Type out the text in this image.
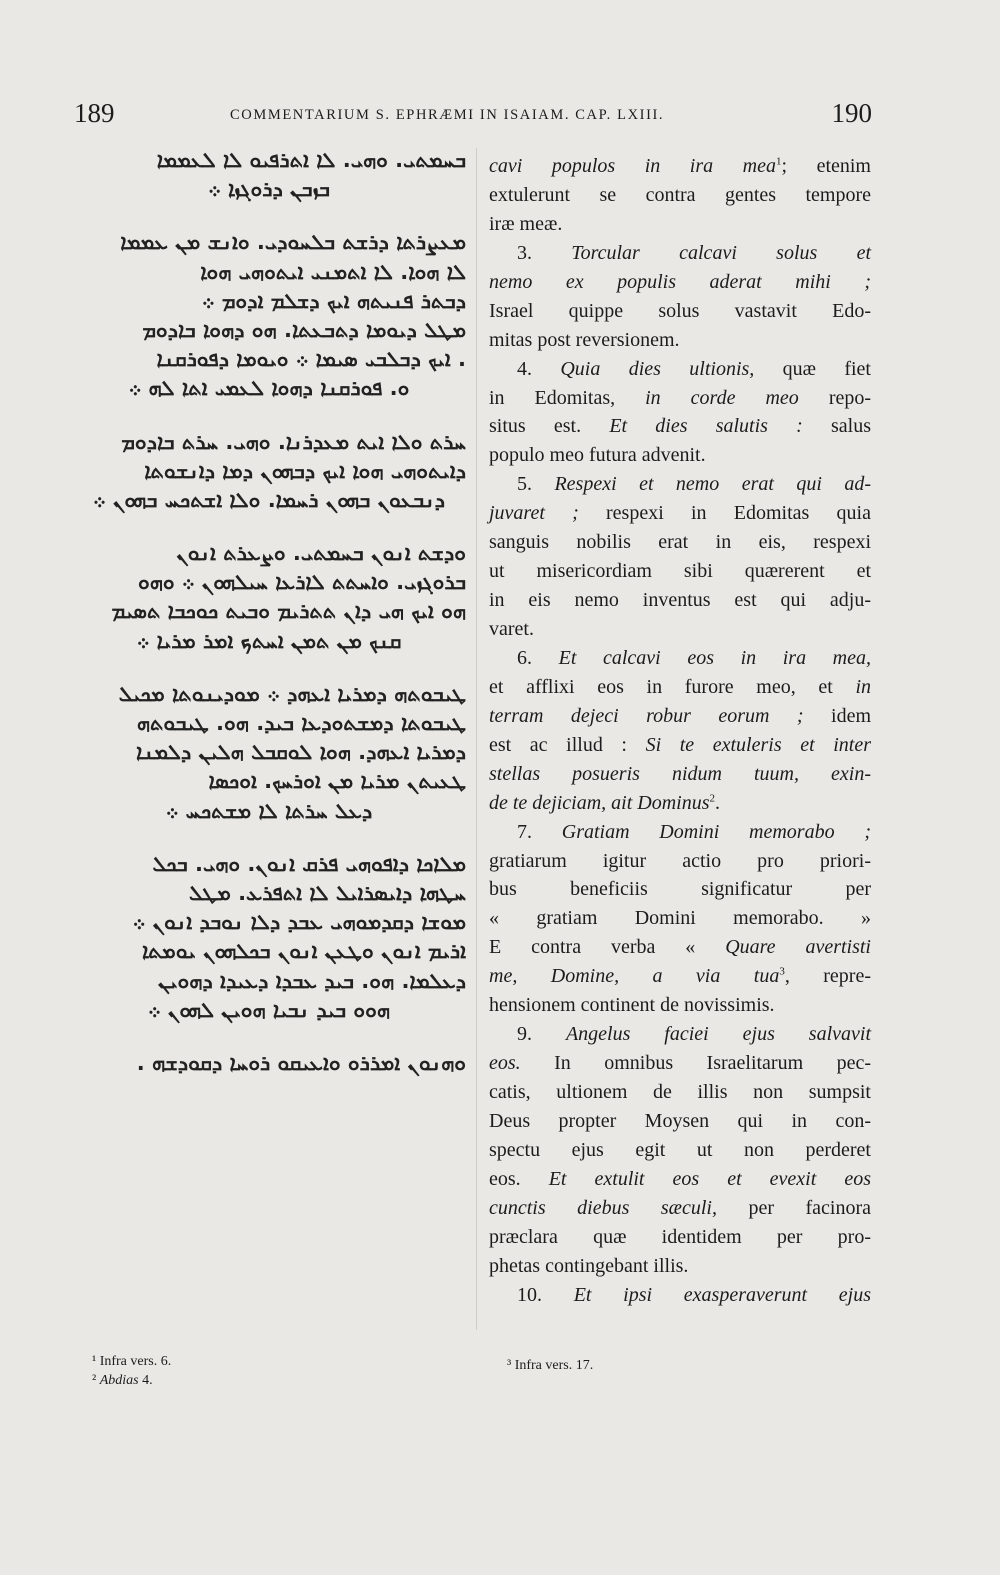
189	COMMENTARIUM S. EPHRÆMI IN ISAIAM. CAP. LXIII.	190
ܒܚܡܬܝ. ܘܗܝ. ܠܐ ܐܬܪܦܝܘ ܠܐ ܠܥܡܡܐ
ܒܙܒܢ ܕܪܘܓܙܐ ܀
ܡܥܨܪܬܐ ܕܪܫܬ ܒܠܚܘܕܝ. ܘܐܢܫ ܡܢ ܥܡܡܐ
ܠܐ ܗܘܐ. ܠܐ ܐܬܡܢܝ ܐܝܬܘܗܝ ܗܘܐ
ܕܒܬܪ ܦܢܝܬܗ ܐܝܟ ܕܫܠܡ ܐܕܘܡ ܀
ܡܛܠ ܕܝܘܡܐ ܕܬܒܥܬܐ. ܗܘ ܕܗܘܐ ܒܐܕܘܡ
. ܐܝܟ ܕܒܠܒܝ ܣܝܡܐ ܀ ܘܝܘܡܐ ܕܦܘܪܩܢܐ
ܘ. ܦܘܪܩܢܐ ܕܗܘܐ ܠܥܡܝ ܐܬܐ ܠܗ ܀
ܚܪܬ ܘܠܐ ܐܝܬ ܡܥܕܪܢܐ. ܘܗܝ. ܚܪܬ ܒܐܕܘܡ
ܕܐܝܬܘܗܝ ܗܘܐ ܐܝܟ ܕܒܗܘܢ ܕܡܐ ܕܐܢܫܘܬܐ
ܕܢܒܥܘܢ ܒܗܘܢ ܪܚܡܐ. ܘܠܐ ܐܫܬܟܚ ܒܗܘܢ ܀
ܘܕܫܬ ܐܢܘܢ ܒܚܡܬܝ. ܘܨܥܪܬ ܐܢܘܢ
ܒܪܘܓܙܝ. ܘܐܚܬܬ ܠܐܪܥܐ ܚܝܠܗܘܢ ܀ ܘܗܘ
ܗܘ ܐܝܟ ܗܝ ܕܐܢ ܬܬܪܝܡ ܘܒܝܬ ܟܘܟܒܐ ܬܣܝܡ
ܩܢܟ ܡܢ ܬܡܢ ܐܚܬܟ ܐܡܪ ܡܪܝܐ ܀
ܛܝܒܘܬܗ ܕܡܪܝܐ ܐܥܗܕ ܀ ܡܘܕܝܢܘܬܐ ܡܟܝܠ
ܛܝܒܘܬܐ ܕܡܫܬܘܕܥܐ ܒܝܕ. ܗܘ. ܛܝܒܘܬܗ
ܕܡܪܝܐ ܐܥܗܕ. ܗܘܐ ܠܘܩܒܠ ܗܠܝܢ ܕܠܡܢܐ
ܛܥܝܬܢ ܡܪܝܐ ܡܢ ܐܘܪܚܟ. ܐܘܟܣܐ
ܕܥܠ ܚܪܬܐ ܠܐ ܡܫܬܟܚ ܀
ܡܠܐܟܐ ܕܐܦܘܗܝ ܦܪܩ ܐܢܘܢ. ܘܗܝ. ܒܟܠ
ܚܛܗܐ ܕܐܝܣܪܐܝܠ ܠܐ ܐܬܦܪܥ. ܡܛܠ
ܡܘܫܐ ܕܩܕܡܘܗܝ ܥܒܕ ܕܠܐ ܢܘܒܕ ܐܢܘܢ ܀
ܐܪܝܡ ܐܢܘܢ ܘܛܥܢ ܐܢܘܢ ܒܟܠܗܘܢ ܝܘܡܬܐ
ܕܥܠܡܐ. ܗܘ. ܒܝܕ ܥܒܕܐ ܕܥܝܕܐ ܕܗܘܝܢ
ܗܘܘ ܒܝܕ ܢܒܝܐ ܗܘܝܢ ܠܗܘܢ ܀
ܘܗܢܘܢ ܐܡܪܪܘ ܘܐܥܝܩܘ ܪܘܚܐ ܕܩܘܕܫܗ .
cavi populos in ira mea$^1$; etenim
extulerunt se contra gentes tempore
iræ meæ.
3. Torcular calcavi solus et
nemo ex populis aderat mihi ;
Israel quippe solus vastavit Edo-
mitas post reversionem.
4. Quia dies ultionis, quæ fiet
in Edomitas, in corde meo repo-
situs est. Et dies salutis : salus
populo meo futura advenit.
5. Respexi et nemo erat qui ad-
juvaret ; respexi in Edomitas quia
sanguis nobilis erat in eis, respexi
ut misericordiam sibi quærerent et
in eis nemo inventus est qui adju-
varet.
6. Et calcavi eos in ira mea,
et afflixi eos in furore meo, et in
terram dejeci robur eorum ; idem
est ac illud : Si te extuleris et inter
stellas posueris nidum tuum, exin-
de te dejiciam, ait Dominus$^2$.
7. Gratiam Domini memorabo ;
gratiarum igitur actio pro priori-
bus beneficiis significatur per
« gratiam Domini memorabo. »
E contra verba « Quare avertisti
me, Domine, a via tua$^3$, repre-
hensionem continent de novissimis.
9. Angelus faciei ejus salvavit
eos. In omnibus Israelitarum pec-
catis, ultionem de illis non sumpsit
Deus propter Moysen qui in con-
spectu ejus egit ut non perderet
eos. Et extulit eos et evexit eos
cunctis diebus sæculi, per facinora
præclara quæ identidem per pro-
phetas contingebant illis.
10. Et ipsi exasperaverunt ejus
¹ Infra vers. 6.
² Abdias 4.
³ Infra vers. 17.
